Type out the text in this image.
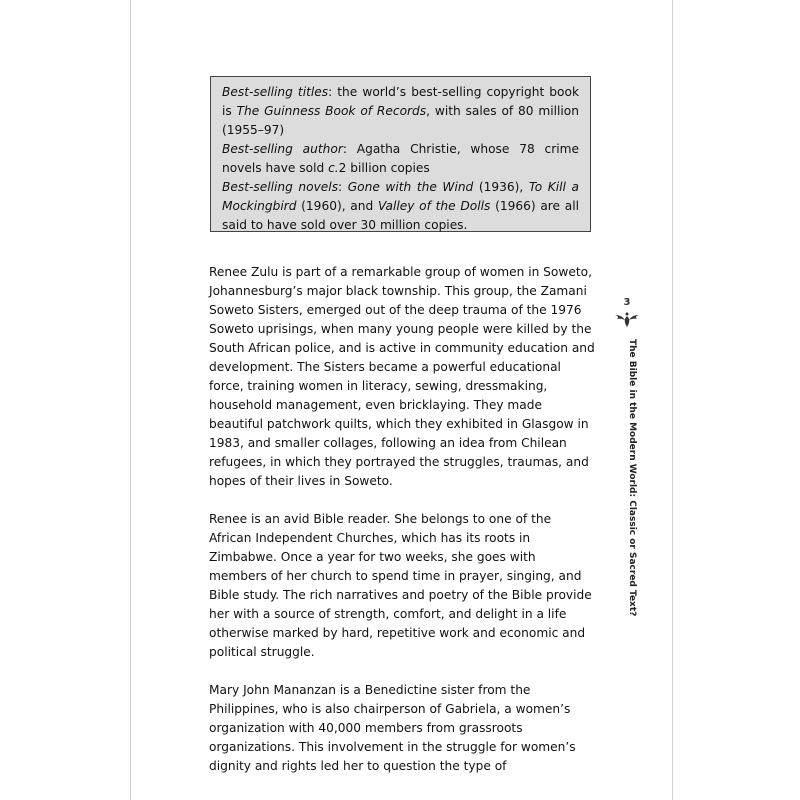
Best-selling titles: the world’s best-selling copyright book is The Guinness Book of Records, with sales of 80 million (1955–97)

Best-selling author: Agatha Christie, whose 78 crime novels have sold c.2 billion copies

Best-selling novels: Gone with the Wind (1936), To Kill a Mockingbird (1960), and Valley of the Dolls (1966) are all said to have sold over 30 million copies.

Renee Zulu is part of a remarkable group of women in Soweto, Johannesburg’s major black township. This group, the Zamani Soweto Sisters, emerged out of the deep trauma of the 1976 Soweto uprisings, when many young people were killed by the South African police, and is active in community education and development. The Sisters became a powerful educational force, training women in literacy, sewing, dressmaking, household management, even bricklaying. They made beautiful patchwork quilts, which they exhibited in Glasgow in 1983, and smaller collages, following an idea from Chilean refugees, in which they portrayed the struggles, traumas, and hopes of their lives in Soweto.

Renee is an avid Bible reader. She belongs to one of the African Independent Churches, which has its roots in Zimbabwe. Once a year for two weeks, she goes with members of her church to spend time in prayer, singing, and Bible study. The rich narratives and poetry of the Bible provide her with a source of strength, comfort, and delight in a life otherwise marked by hard, repetitive work and economic and political struggle.

Mary John Mananzan is a Benedictine sister from the Philippines, who is also chairperson of Gabriela, a women’s organization with 40,000 members from grassroots organizations. This involvement in the struggle for women’s dignity and rights led her to question the type of

3
The Bible in the Modern World: Classic or Sacred Text?
